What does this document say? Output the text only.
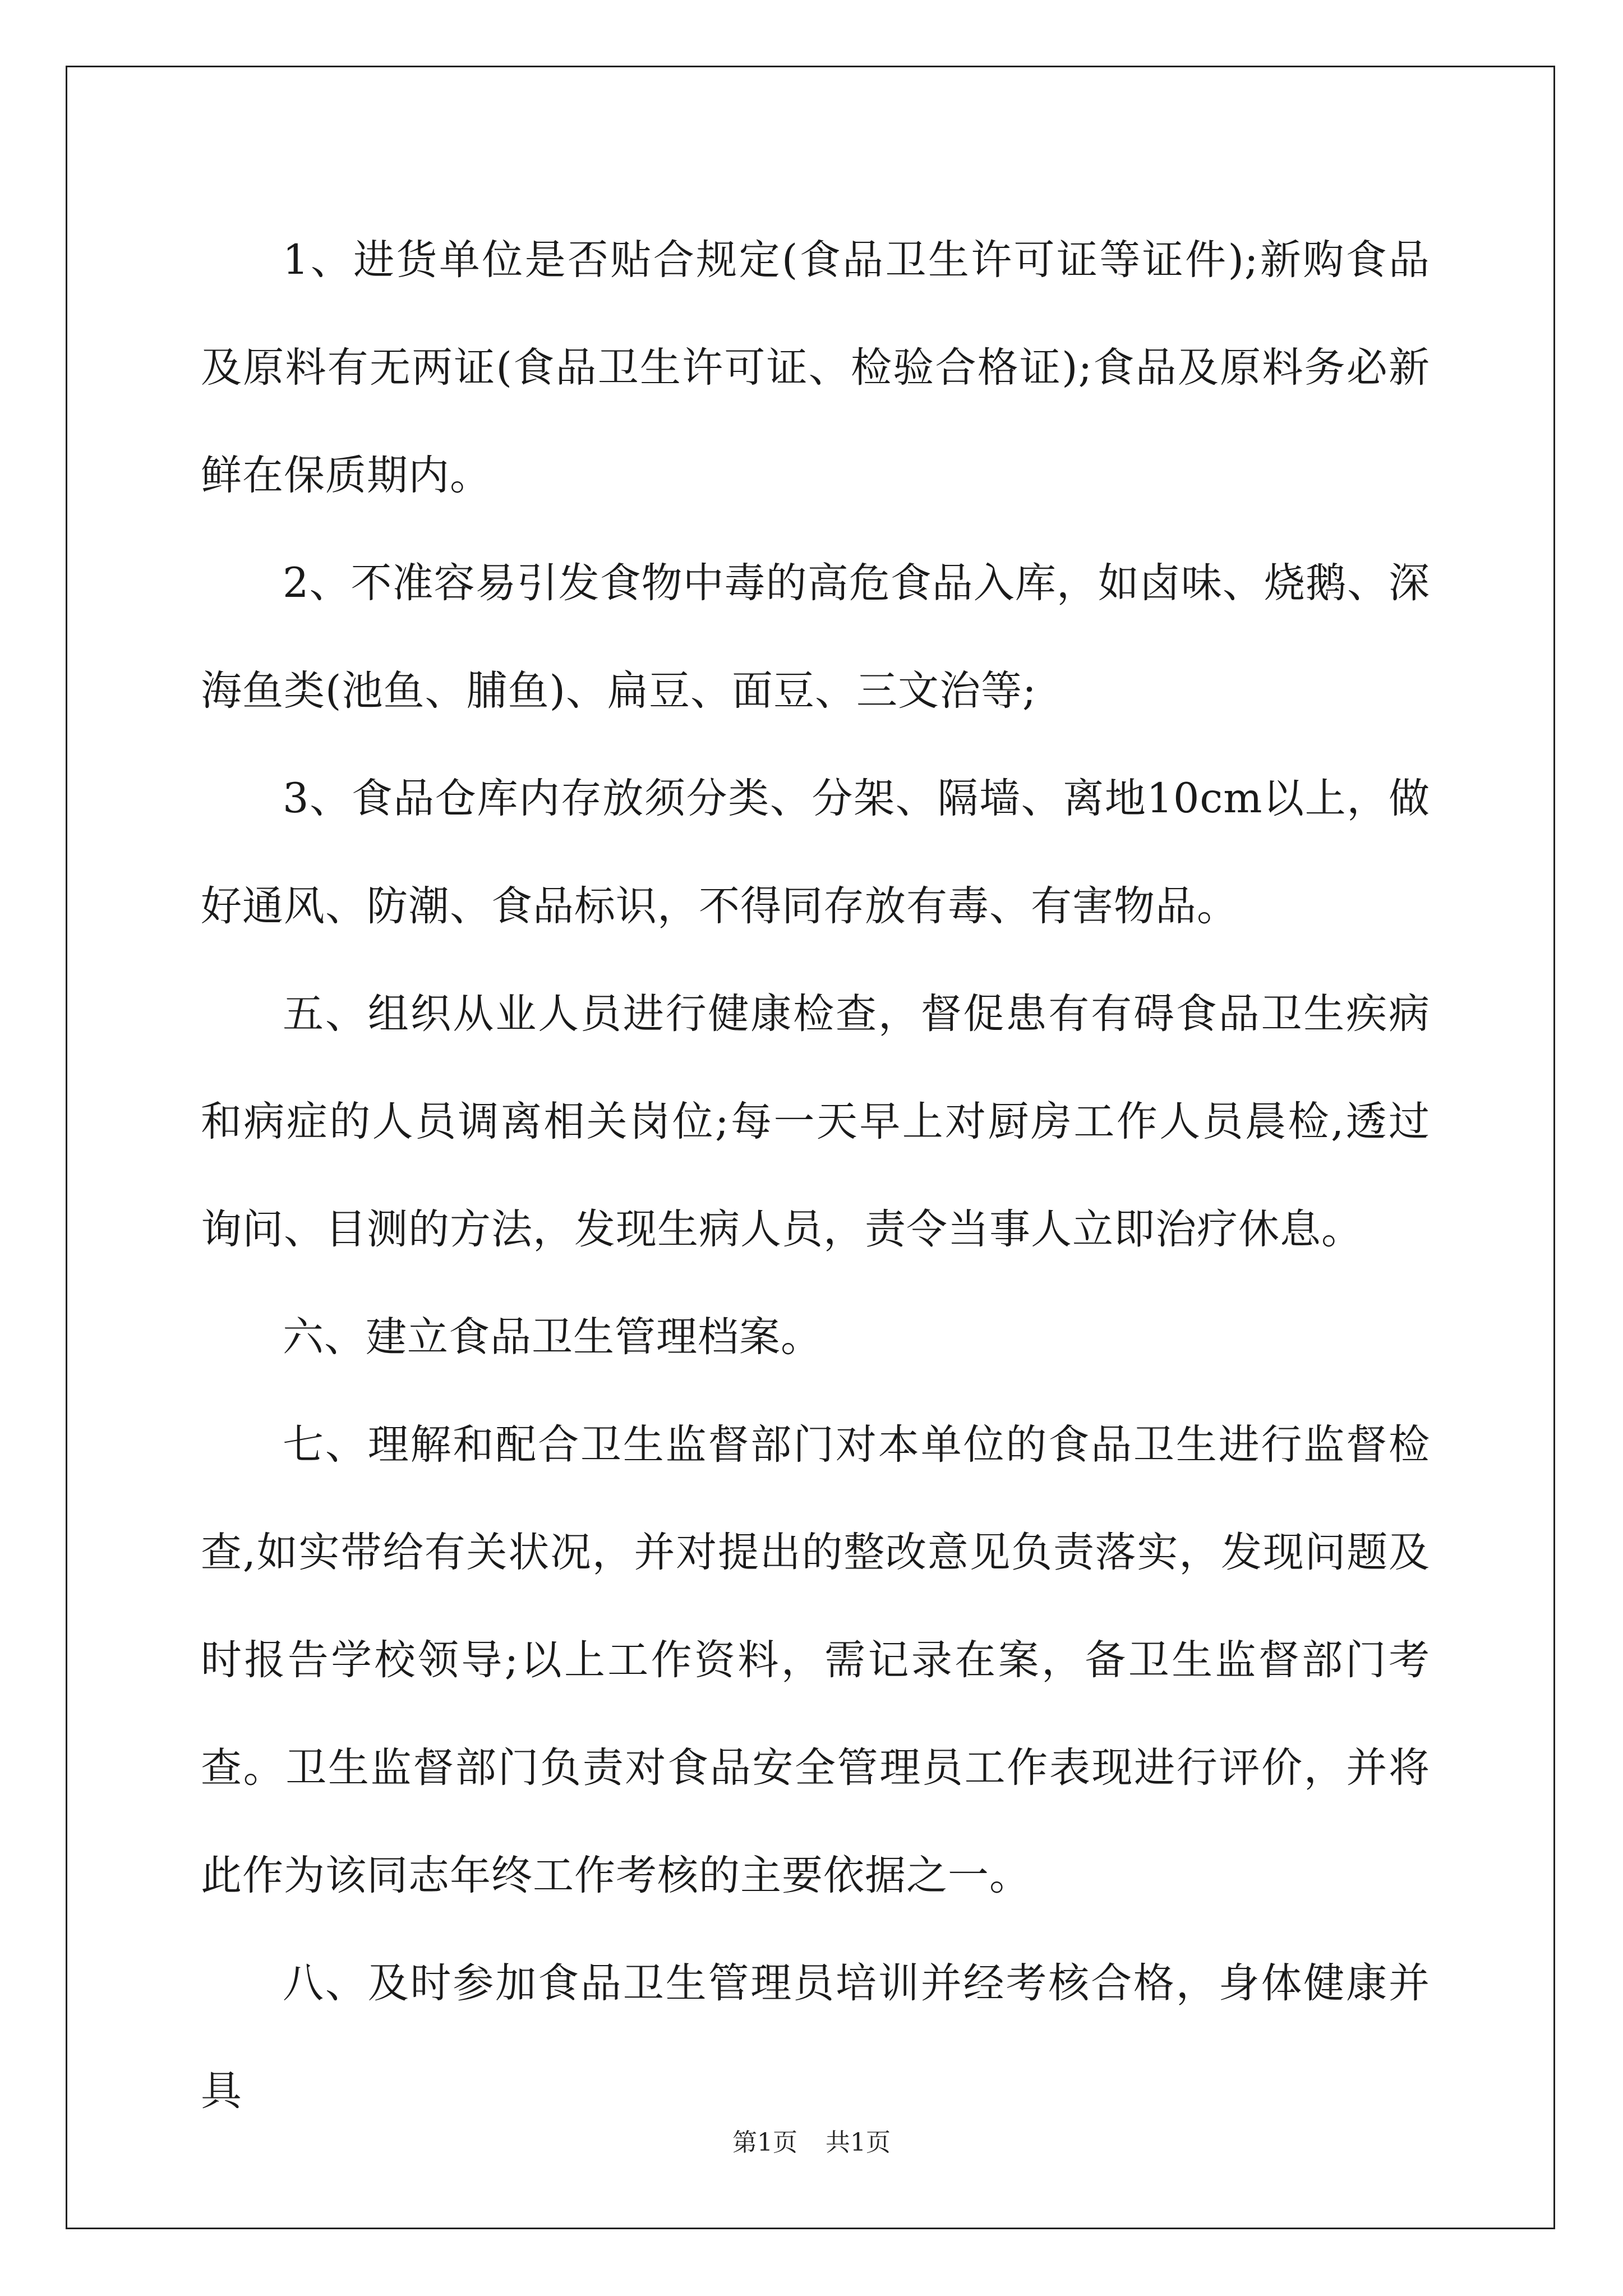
1、进货单位是否贴合规定(食品卫生许可证等证件);新购食品及原料有无两证(食品卫生许可证、检验合格证);食品及原料务必新鲜在保质期内。

2、不准容易引发食物中毒的高危食品入库，如卤味、烧鹅、深海鱼类(池鱼、脯鱼)、扁豆、面豆、三文治等;

3、食品仓库内存放须分类、分架、隔墙、离地10cm以上，做好通风、防潮、食品标识，不得同存放有毒、有害物品。

五、组织从业人员进行健康检查，督促患有有碍食品卫生疾病和病症的人员调离相关岗位;每一天早上对厨房工作人员晨检,透过询问、目测的方法，发现生病人员，责令当事人立即治疗休息。

六、建立食品卫生管理档案。

七、理解和配合卫生监督部门对本单位的食品卫生进行监督检查,如实带给有关状况，并对提出的整改意见负责落实，发现问题及时报告学校领导;以上工作资料，需记录在案，备卫生监督部门考查。卫生监督部门负责对食品安全管理员工作表现进行评价，并将此作为该同志年终工作考核的主要依据之一。

八、及时参加食品卫生管理员培训并经考核合格，身体健康并具

第1页 共1页
